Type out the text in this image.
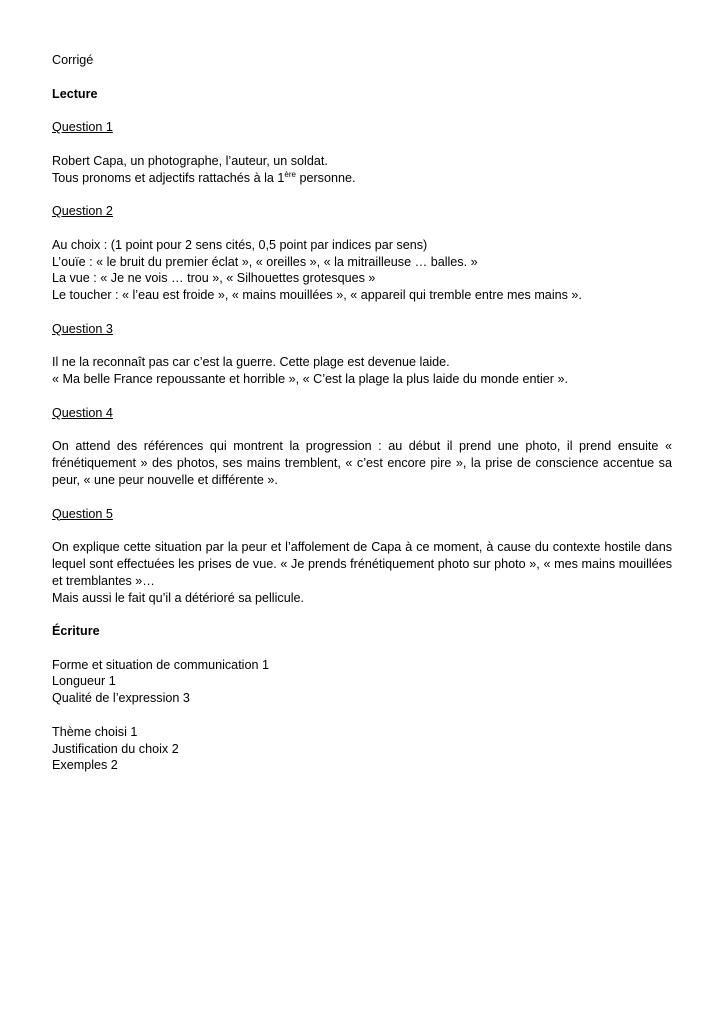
Corrigé

Lecture

Question 1

Robert Capa, un photographe, l’auteur, un soldat.

Tous pronoms et adjectifs rattachés à la 1ère personne.

Question 2

Au choix : (1 point pour 2 sens cités, 0,5 point par indices par sens)

L’ouïe : « le bruit du premier éclat », « oreilles », « la mitrailleuse … balles. »

La vue : « Je ne vois … trou », « Silhouettes grotesques »

Le toucher : « l’eau est froide », « mains mouillées », « appareil qui tremble entre mes mains ».

Question 3

Il ne la reconnaît pas car c’est la guerre. Cette plage est devenue laide.

« Ma belle France repoussante et horrible », « C’est la plage la plus laide du monde entier ».

Question 4

On attend des références qui montrent la progression : au début il prend une photo, il prend ensuite « frénétiquement » des photos, ses mains tremblent, « c’est encore pire », la prise de conscience accentue sa peur, « une peur nouvelle et différente ».

Question 5

On explique cette situation par la peur et l’affolement de Capa à ce moment, à cause du contexte hostile dans lequel sont effectuées les prises de vue. « Je prends frénétiquement photo sur photo », « mes mains mouillées et tremblantes »…

Mais aussi le fait qu’il a détérioré sa pellicule.

Écriture

Forme et situation de communication 1

Longueur 1

Qualité de l’expression 3

Thème choisi 1

Justification du choix 2

Exemples 2
